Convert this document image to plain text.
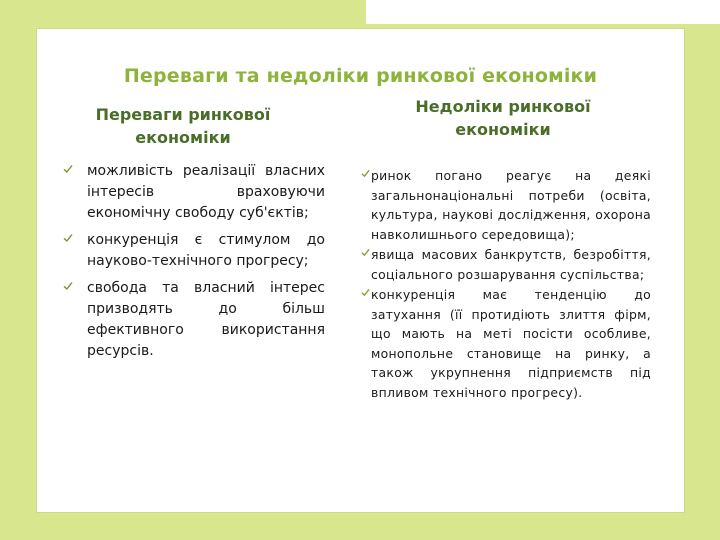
Переваги та недоліки ринкової економіки
Переваги ринкової економіки
Недоліки ринкової економіки
можливість реалізації власних інтересів враховуючи економічну свободу суб'єктів;
конкуренція є стимулом до науково-технічного прогресу;
свобода та власний інтерес призводять до більш ефективного використання ресурсів.
ринок погано реагує на деякі загальнонаціональні потреби (освіта, культура, наукові дослідження, охорона навколишнього середовища);
явища масових банкрутств, безробіття, соціального розшарування суспільства;
конкуренція має тенденцію до затухання (її протидіють злиття фірм, що мають на меті посісти особливе, монопольне становище на ринку, а також укрупнення підприємств під впливом технічного прогресу).
